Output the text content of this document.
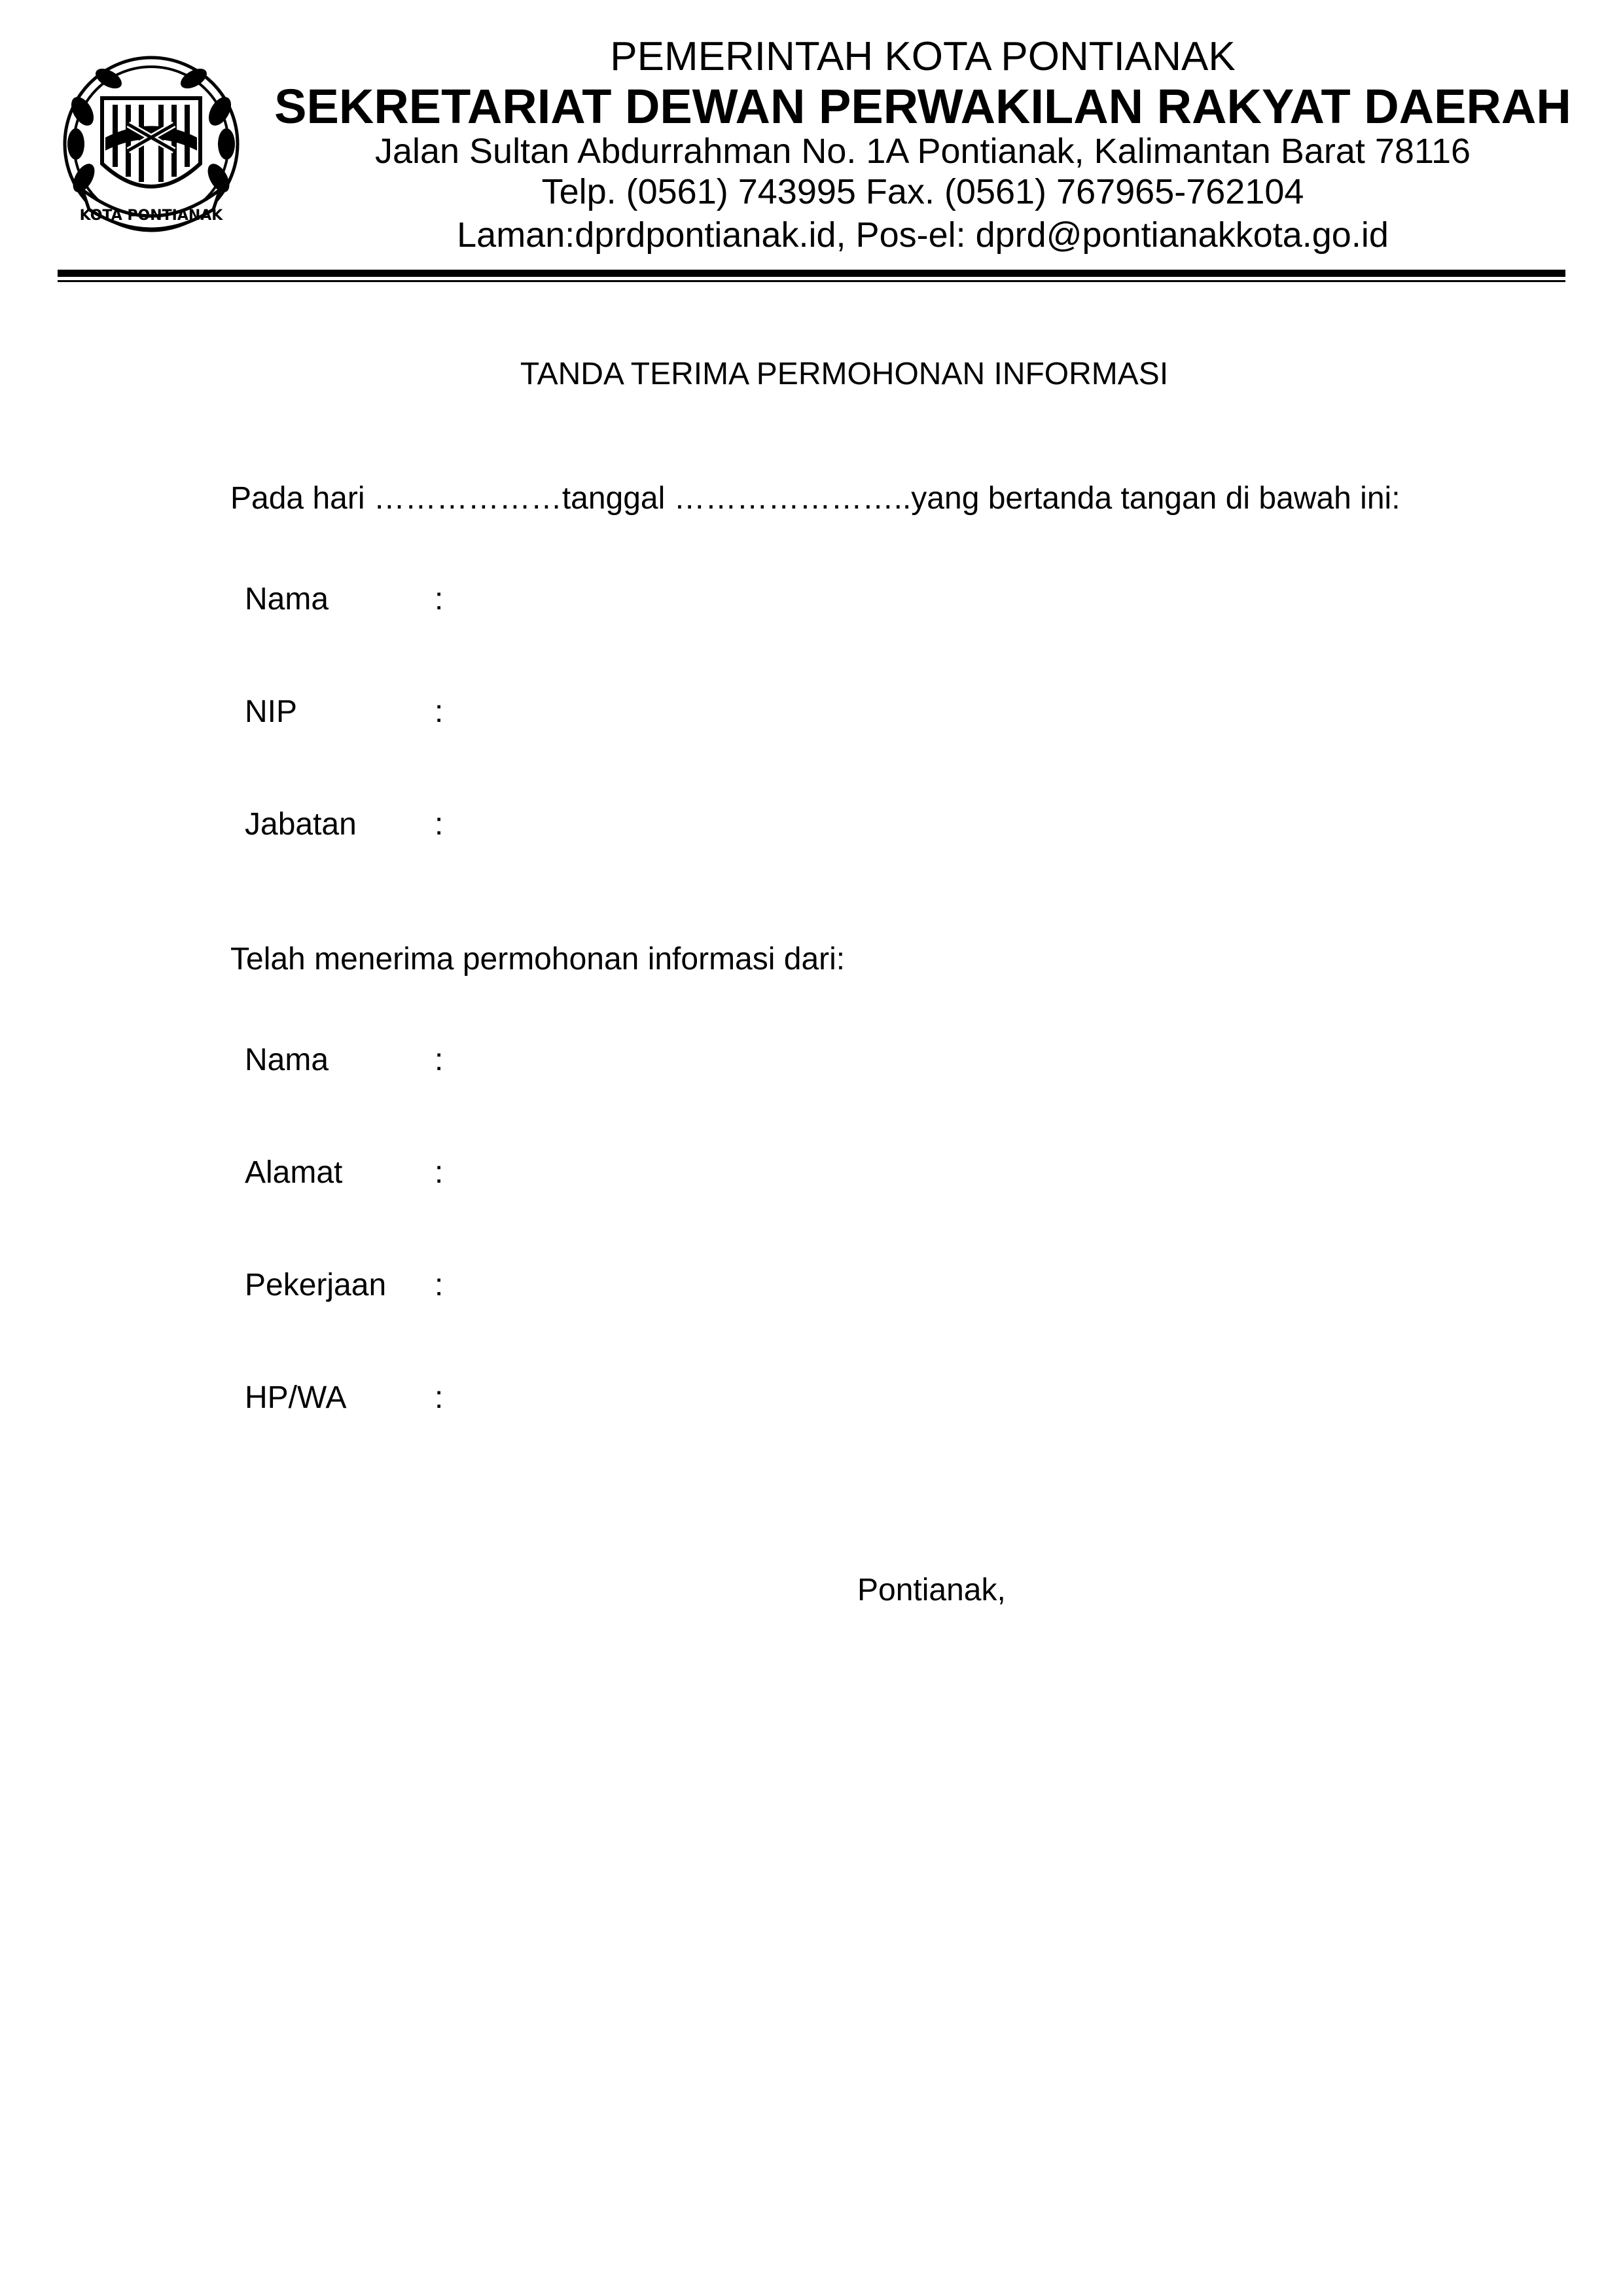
KOTA PONTIANAK
PEMERINTAH KOTA PONTIANAK
SEKRETARIAT DEWAN PERWAKILAN RAKYAT DAERAH
Jalan Sultan Abdurrahman No. 1A Pontianak, Kalimantan Barat 78116
Telp. (0561) 743995 Fax. (0561) 767965-762104
Laman:dprdpontianak.id, Pos-el: dprd@pontianakkota.go.id
TANDA TERIMA PERMOHONAN INFORMASI
Pada hari ………………tanggal …………………..yang bertanda tangan di bawah ini:
Nama	:
NIP	:
Jabatan :
Telah menerima permohonan informasi dari:
Nama	:
Alamat	:
Pekerjaan :
HP/WA	:
Pontianak,
